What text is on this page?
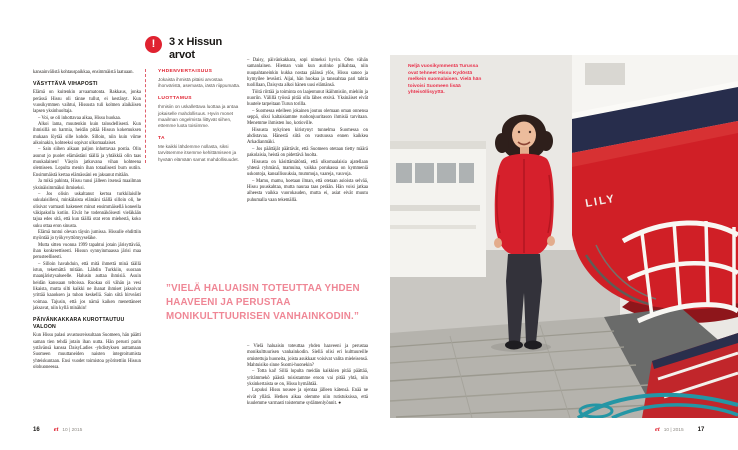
kansainvälistä kohtauspaikkaa, ensimmäistä laatuaan.

VÄSYTTÄVÄ VIHAPOSTI

Elämä on kuitenkin arvaamatonta. Rakkaus, jonka perässä Hissu oli tänne tullut, ei kestänyt. Kun vuosikymmen vaihtui, Hissusta tuli kolmen alaikäisen lapsen yksinhuoltaja.

– Voi, se oli inhottavaa aikaa, Hissu huokaa.

Alkoi lama, muutenkin kuin taloudellisesti. Kun ihmisillä on harmia, heidän pitää Hissun kokemuksen mukaan löytää sille kohde. Silloin, niin kuin viime aikoinakin, kohteeksi sopivat ulkomaalaiset.

– Sain siihen aikaan paljon inhottavaa postia. Olin asunut jo puolet elämästäni täällä ja yhtäkkiä olin taas muukalainen! Väsyin jatkuvana vihan kohteena olemiseen. Lopulta menin ihan totaalisesti burn outiin. Ensimmäistä kertaa elämässäni en jaksanut mitään.

Ja mikä pahinta, Hissu tunsi jälleen itsensä maailman yksinäisimmäksi ihmiseksi.

– Jos olisin uskaltanut kertoa turkkilaisille sukulaisilleni, minkälaista elämäni täällä silloin oli, he olisivat varmasti hakeneet minut ensimmäisellä koneella väkipakolla kotiin. Eivät he todennäköisesti vieläkään tajua edes sitä, että kun täällä otat eron miehestä, koko suku ottaa eron sinusta.

Elämä tuntui olevan täysin jumissa. Hissulle ehdittiin myöntää jo työkyvyttömyyseläke.

Mutta sitten vuonna 1999 tapahtui jotain järisyttävää, ihan konkreettisesti. Hissun synnyinmaassa järisi maa perusteellisesti.

– Silloin havahduin, että mitä ihmettä minä täällä istun, tekemättä mitään. Lähdin Turkkiin, suoraan maanjäristysalueelle. Halusin auttaa ihmisiä. Asuin heidän kanssaan teltoissa. Ruokaa oli vähän ja vesi likaista, mutta silti kaikki ne ihanat ihmiset jaksoivat yrittää kaaoksen ja tuhon keskellä. Sain siitä hirveästi voimaa. Tajusin, että jos nämä kaiken menettäneet jaksavat, niin kyllä minäkin!

PÄIVÄNKAKKARA KUROTTAUTUU VALOON

Kun Hissu palasi avustusreissultaan Suomeen, hän päätti saman tien tehdä jotain ihan uutta. Hän perusti parin ystävänsä kanssa DaisyLadies -yhdistyksen auttamaan Suomeen muuttaneiden naisten integroitumista yhteiskuntaan. Ensi vuodet toimistoa pyöritettiin Hissun olohuoneessa.

!	3 x Hissun arvot
YHDENVERTAISUUS

Jokaista ihmistä pitäisi arvostaa ihonväristä, asemasta, iästä riippumatta.

LUOTTAMUS

Ihmisiin on uskallettava luottaa ja antaa jokaiselle mahdollisuus. Hyvin monet maailman ongelmista liittyvät siihen, ettemme luota toisiimme.

TA

Me kaikki lähdemme nollasta, siksi tarvitsemme itsemme kehittämiseen ja hyvään elämään samat mahdollisuudet.

– Daisy, päivänkakkara, sopi nimeksi hyvin. Olen vähän samanlainen. Hieman vain kun aurinko pilkahtaa, niin nuupahtaneinkin kukka nostaa päänsä ylös, Hissu sanoo ja hymyilee leveästi. Aijai, hän huokaa ja tanssahtaa pari tahtia tuolillaan, Daisysta alkoi hänen uusi elämänsä.

Töitä riittää ja toiminta on laajentunut ikäihmisiin, miehiin ja nuoriin. Välillä työssä pitää olla lähes etsivä. Yksinäiset eivät huutele tarpeitaan Turun torilla.

– Suomessa edelleen jokainen joutuu olemaan oman onnensa seppä, siksi kaltaisiamme ruohonjuuritason ihmisiä tarvitaan. Menemme ihmisten luo, kotioville.

Hissusta nykyinen kiristynyt tunnelma Suomessa on ahdistavaa. Hänestä siitä on vastuussa ennen kaikkea Arkadianmäki.

– Jos päättäjät päättävät, että Suomeen otetaan tietty määrä pakolaisia, heistä on pidettävä huolta.

Hissusta on käsittämätöntä, että ulkomaalaisia ajatellaan yhtenä ryhmänä, mamuina, vaikka porukassa on kymmeniä uskontoja, kansallisuuksia, mummoja, vaareja, vauvoja.

– Mamu, mamu, hoetaan ilman, että otetaan asioista selvää, Hissu puuskahtaa, mutta nauraa taas perään. Hän voisi jatkaa aiheesta vaikka vuorokauden, mutta ei, asiat eivät muutu puhumalla vaan tekemällä.

”VIELÄ HALUAISIN TOTEUTTAA YHDEN HAAVEENI JA PERUSTAA MONIKULTTUURISEN VANHAINKODIN.”

– Vielä haluaisin toteuttaa yhden haaveeni ja perustaa monikulttuurisen vanhainkodin. Siellä olisi eri kulttuureille omistettuja huoneita, joista asukkaat voisivat valita mieleisensä. Mahtuisiko sinne Suomi-huonekin?

– Totta kai! Sillä lopulta meidän kaikkien pitää päättää, yritämmekö päästä toisistamme eroon vai pitää yhtä, niin yksinkertaista se on, Hissu hymähtää.

Lopuksi Hissu nousee ja ojentaa jälleen kätensä. Enää ne eivät yllätä. Hetken aikaa olemme niin rutistuksissa, että kuulemme varmasti toistemme sydämenlyönnit. ●

16 et 10 | 2015
LILY
Neljä vuosikymmentä Turussa ovat tehneet Hissu Kydöstä melkein suomalaisen. Vielä hän toivoisi Suomeen lisää yhteisöllisyyttä.
et 10 | 2015 17
